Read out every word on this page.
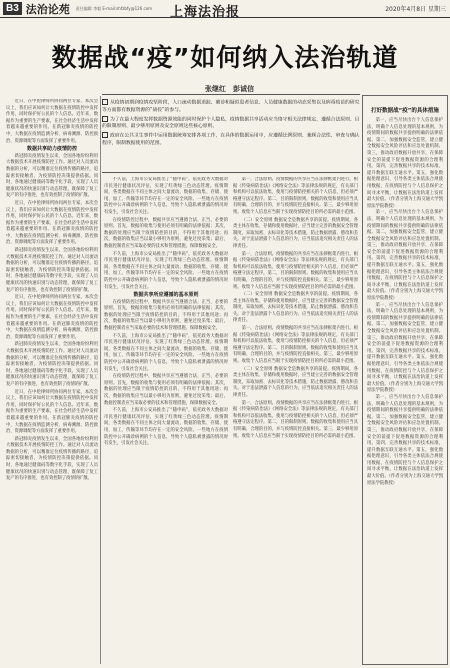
B3 法治论苑 责任编辑 李毅 E-mail:shfzbfy@126.com 上海法治报	2020年4月8日 星期三
数据战“疫”如何纳入法治轨道
张继红　彭诚信
从疫情初期到疫情攻坚阶段，人口流动数据追踪、确诊和疑似患者信息、人员健康数据的动态采集以及病毒疫苗的研究等方面都有数据资源的“战役”的参与。
为了在最大程度发挥数据资源效能的同时保护个人隐私，疫情数据共享活动应当恪守相关法律规定，遵循合法原则、目的限制原则、最少够用原则及安全原则这些核心原则。
政府在公共卫生事件中运用数据统筹安排各项工作，在具体的数据运用中，应遵循比例原则、兼顾合法性、审查与确认程序，限制数据使用的范围。

近日，在中伦律师所协同两位专家，本次会议上，我们应该如何让大数据在疫情防控中发挥作用，同时保护好公民的个人信息。近年来，数据作为重要的生产要素，在社会经济生活中发挥着越来越重要的作用。在新冠肺炎疫情的防控中，大数据在疫情监测分析、病毒溯源、防控救治、资源调配等方面发挥了重要作用。

数据共享助力疫情防控

新冠肺炎疫情发生以来，全国各地纷纷利用大数据技术开展疫情防控工作。通过对人员流动数据的分析，可以精准定位疫情传播的路径，追踪密切接触者，为疫情防控决策提供依据。同时，各地通过健康码等数字化手段，实现了人员健康状况的快速识别与动态管理，既保障了复工复产的有序推进，也有效控制了疫情的扩散。

近日，在中伦律师所协同两位专家，本次会议上，我们应该如何让大数据在疫情防控中发挥作用，同时保护好公民的个人信息。近年来，数据作为重要的生产要素，在社会经济生活中发挥着越来越重要的作用。在新冠肺炎疫情的防控中，大数据在疫情监测分析、病毒溯源、防控救治、资源调配等方面发挥了重要作用。

新冠肺炎疫情发生以来，全国各地纷纷利用大数据技术开展疫情防控工作。通过对人员流动数据的分析，可以精准定位疫情传播的路径，追踪密切接触者，为疫情防控决策提供依据。同时，各地通过健康码等数字化手段，实现了人员健康状况的快速识别与动态管理，既保障了复工复产的有序推进，也有效控制了疫情的扩散。

近日，在中伦律师所协同两位专家，本次会议上，我们应该如何让大数据在疫情防控中发挥作用，同时保护好公民的个人信息。近年来，数据作为重要的生产要素，在社会经济生活中发挥着越来越重要的作用。在新冠肺炎疫情的防控中，大数据在疫情监测分析、病毒溯源、防控救治、资源调配等方面发挥了重要作用。

新冠肺炎疫情发生以来，全国各地纷纷利用大数据技术开展疫情防控工作。通过对人员流动数据的分析，可以精准定位疫情传播的路径，追踪密切接触者，为疫情防控决策提供依据。同时，各地通过健康码等数字化手段，实现了人员健康状况的快速识别与动态管理，既保障了复工复产的有序推进，也有效控制了疫情的扩散。

近日，在中伦律师所协同两位专家，本次会议上，我们应该如何让大数据在疫情防控中发挥作用，同时保护好公民的个人信息。近年来，数据作为重要的生产要素，在社会经济生活中发挥着越来越重要的作用。在新冠肺炎疫情的防控中，大数据在疫情监测分析、病毒溯源、防控救治、资源调配等方面发挥了重要作用。

新冠肺炎疫情发生以来，全国各地纷纷利用大数据技术开展疫情防控工作。通过对人员流动数据的分析，可以精准定位疫情传播的路径，追踪密切接触者，为疫情防控决策提供依据。同时，各地通过健康码等数字化手段，实现了人员健康状况的快速识别与动态管理，既保障了复工复产的有序推进，也有效控制了疫情的扩散。

不久前，上海市公安局推出了“随申码”，依托政务大数据对市民进行健康状况评估，实现了红黄绿三色动态管理。疫情期间，各类数据在不同主体之间大量流动，数据的收集、存储、使用、加工、传输等环节均存在一定的安全风险。一些地方在疫情防控中公开确诊病例的个人信息，导致个人隐私被泄露的情况时有发生，引发社会关注。

在疫情防控过程中，数据共享应当遵循合法、正当、必要的原则。首先，数据的收集与使用必须有明确的法律依据；其次，数据的处理应当限于疫情防控的目的，不得用于其他用途；再次，数据的收集应当以最小够用为原则，避免过度采集；最后，数据控制者应当采取必要的技术和管理措施，保障数据安全。

不久前，上海市公安局推出了“随申码”，依托政务大数据对市民进行健康状况评估，实现了红黄绿三色动态管理。疫情期间，各类数据在不同主体之间大量流动，数据的收集、存储、使用、加工、传输等环节均存在一定的安全风险。一些地方在疫情防控中公开确诊病例的个人信息，导致个人隐私被泄露的情况时有发生，引发社会关注。

数据共享所应遵循的基本原则

在疫情防控过程中，数据共享应当遵循合法、正当、必要的原则。首先，数据的收集与使用必须有明确的法律依据；其次，数据的处理应当限于疫情防控的目的，不得用于其他用途；再次，数据的收集应当以最小够用为原则，避免过度采集；最后，数据控制者应当采取必要的技术和管理措施，保障数据安全。

不久前，上海市公安局推出了“随申码”，依托政务大数据对市民进行健康状况评估，实现了红黄绿三色动态管理。疫情期间，各类数据在不同主体之间大量流动，数据的收集、存储、使用、加工、传输等环节均存在一定的安全风险。一些地方在疫情防控中公开确诊病例的个人信息，导致个人隐私被泄露的情况时有发生，引发社会关注。

在疫情防控过程中，数据共享应当遵循合法、正当、必要的原则。首先，数据的收集与使用必须有明确的法律依据；其次，数据的处理应当限于疫情防控的目的，不得用于其他用途；再次，数据的收集应当以最小够用为原则，避免过度采集；最后，数据控制者应当采取必要的技术和管理措施，保障数据安全。

不久前，上海市公安局推出了“随申码”，依托政务大数据对市民进行健康状况评估，实现了红黄绿三色动态管理。疫情期间，各类数据在不同主体之间大量流动，数据的收集、存储、使用、加工、传输等环节均存在一定的安全风险。一些地方在疫情防控中公开确诊病例的个人信息，导致个人隐私被泄露的情况时有发生，引发社会关注。

第一，合法原则。疫情数据的共享应当在法律框架内进行。根据《传染病防治法》《网络安全法》等法律法规的规定，有关部门和机构可以依法收集、使用与疫情防控相关的个人信息，但必须严格遵守法定程序。第二，目的限制原则。数据的收集和使用应当具有明确、合理的目的，并与疫情防控直接相关。第三，最少够用原则。收集个人信息应当限于实现疫情防控目的所必需的最小范围。

（二）安全原则 数据安全是数据共享的前提。疫情期间，各类主体在收集、存储和使用数据时，应当建立完善的数据安全管理制度，采取加密、去标识化等技术措施，防止数据泄露、篡改和丢失。对于违法泄露个人信息的行为，应当依法追究相关责任人的法律责任。

第一，合法原则。疫情数据的共享应当在法律框架内进行。根据《传染病防治法》《网络安全法》等法律法规的规定，有关部门和机构可以依法收集、使用与疫情防控相关的个人信息，但必须严格遵守法定程序。第二，目的限制原则。数据的收集和使用应当具有明确、合理的目的，并与疫情防控直接相关。第三，最少够用原则。收集个人信息应当限于实现疫情防控目的所必需的最小范围。

（二）安全原则 数据安全是数据共享的前提。疫情期间，各类主体在收集、存储和使用数据时，应当建立完善的数据安全管理制度，采取加密、去标识化等技术措施，防止数据泄露、篡改和丢失。对于违法泄露个人信息的行为，应当依法追究相关责任人的法律责任。

第一，合法原则。疫情数据的共享应当在法律框架内进行。根据《传染病防治法》《网络安全法》等法律法规的规定，有关部门和机构可以依法收集、使用与疫情防控相关的个人信息，但必须严格遵守法定程序。第二，目的限制原则。数据的收集和使用应当具有明确、合理的目的，并与疫情防控直接相关。第三，最少够用原则。收集个人信息应当限于实现疫情防控目的所必需的最小范围。

（二）安全原则 数据安全是数据共享的前提。疫情期间，各类主体在收集、存储和使用数据时，应当建立完善的数据安全管理制度，采取加密、去标识化等技术措施，防止数据泄露、篡改和丢失。对于违法泄露个人信息的行为，应当依法追究相关责任人的法律责任。

第一，合法原则。疫情数据的共享应当在法律框架内进行。根据《传染病防治法》《网络安全法》等法律法规的规定，有关部门和机构可以依法收集、使用与疫情防控相关的个人信息，但必须严格遵守法定程序。第二，目的限制原则。数据的收集和使用应当具有明确、合理的目的，并与疫情防控直接相关。第三，最少够用原则。收集个人信息应当限于实现疫情防控目的所必需的最小范围。

打好数据战“疫”的具体措施

第一，应当尽快出台个人信息保护法，明确个人信息处理的基本规则，为疫情期间的数据共享提供明确的法律依据。第二，加强数据安全监管，建立健全数据安全风险评估和应急处置机制。第三，推动政府数据开放共享，在保障安全的前提下促进数据资源的合理利用。第四，完善数据共享的技术标准，提升数据互联互通水平。第五，强化数据伦理意识，引导各类主体依法合规使用数据，在疫情防控与个人信息保护之间寻求平衡，让数据在法治轨道上发挥最大价值。（作者分别为上海交通大学凯原法学院教授）

第一，应当尽快出台个人信息保护法，明确个人信息处理的基本规则，为疫情期间的数据共享提供明确的法律依据。第二，加强数据安全监管，建立健全数据安全风险评估和应急处置机制。第三，推动政府数据开放共享，在保障安全的前提下促进数据资源的合理利用。第四，完善数据共享的技术标准，提升数据互联互通水平。第五，强化数据伦理意识，引导各类主体依法合规使用数据，在疫情防控与个人信息保护之间寻求平衡，让数据在法治轨道上发挥最大价值。（作者分别为上海交通大学凯原法学院教授）

第一，应当尽快出台个人信息保护法，明确个人信息处理的基本规则，为疫情期间的数据共享提供明确的法律依据。第二，加强数据安全监管，建立健全数据安全风险评估和应急处置机制。第三，推动政府数据开放共享，在保障安全的前提下促进数据资源的合理利用。第四，完善数据共享的技术标准，提升数据互联互通水平。第五，强化数据伦理意识，引导各类主体依法合规使用数据，在疫情防控与个人信息保护之间寻求平衡，让数据在法治轨道上发挥最大价值。（作者分别为上海交通大学凯原法学院教授）

第一，应当尽快出台个人信息保护法，明确个人信息处理的基本规则，为疫情期间的数据共享提供明确的法律依据。第二，加强数据安全监管，建立健全数据安全风险评估和应急处置机制。第三，推动政府数据开放共享，在保障安全的前提下促进数据资源的合理利用。第四，完善数据共享的技术标准，提升数据互联互通水平。第五，强化数据伦理意识，引导各类主体依法合规使用数据，在疫情防控与个人信息保护之间寻求平衡，让数据在法治轨道上发挥最大价值。（作者分别为上海交通大学凯原法学院教授）
